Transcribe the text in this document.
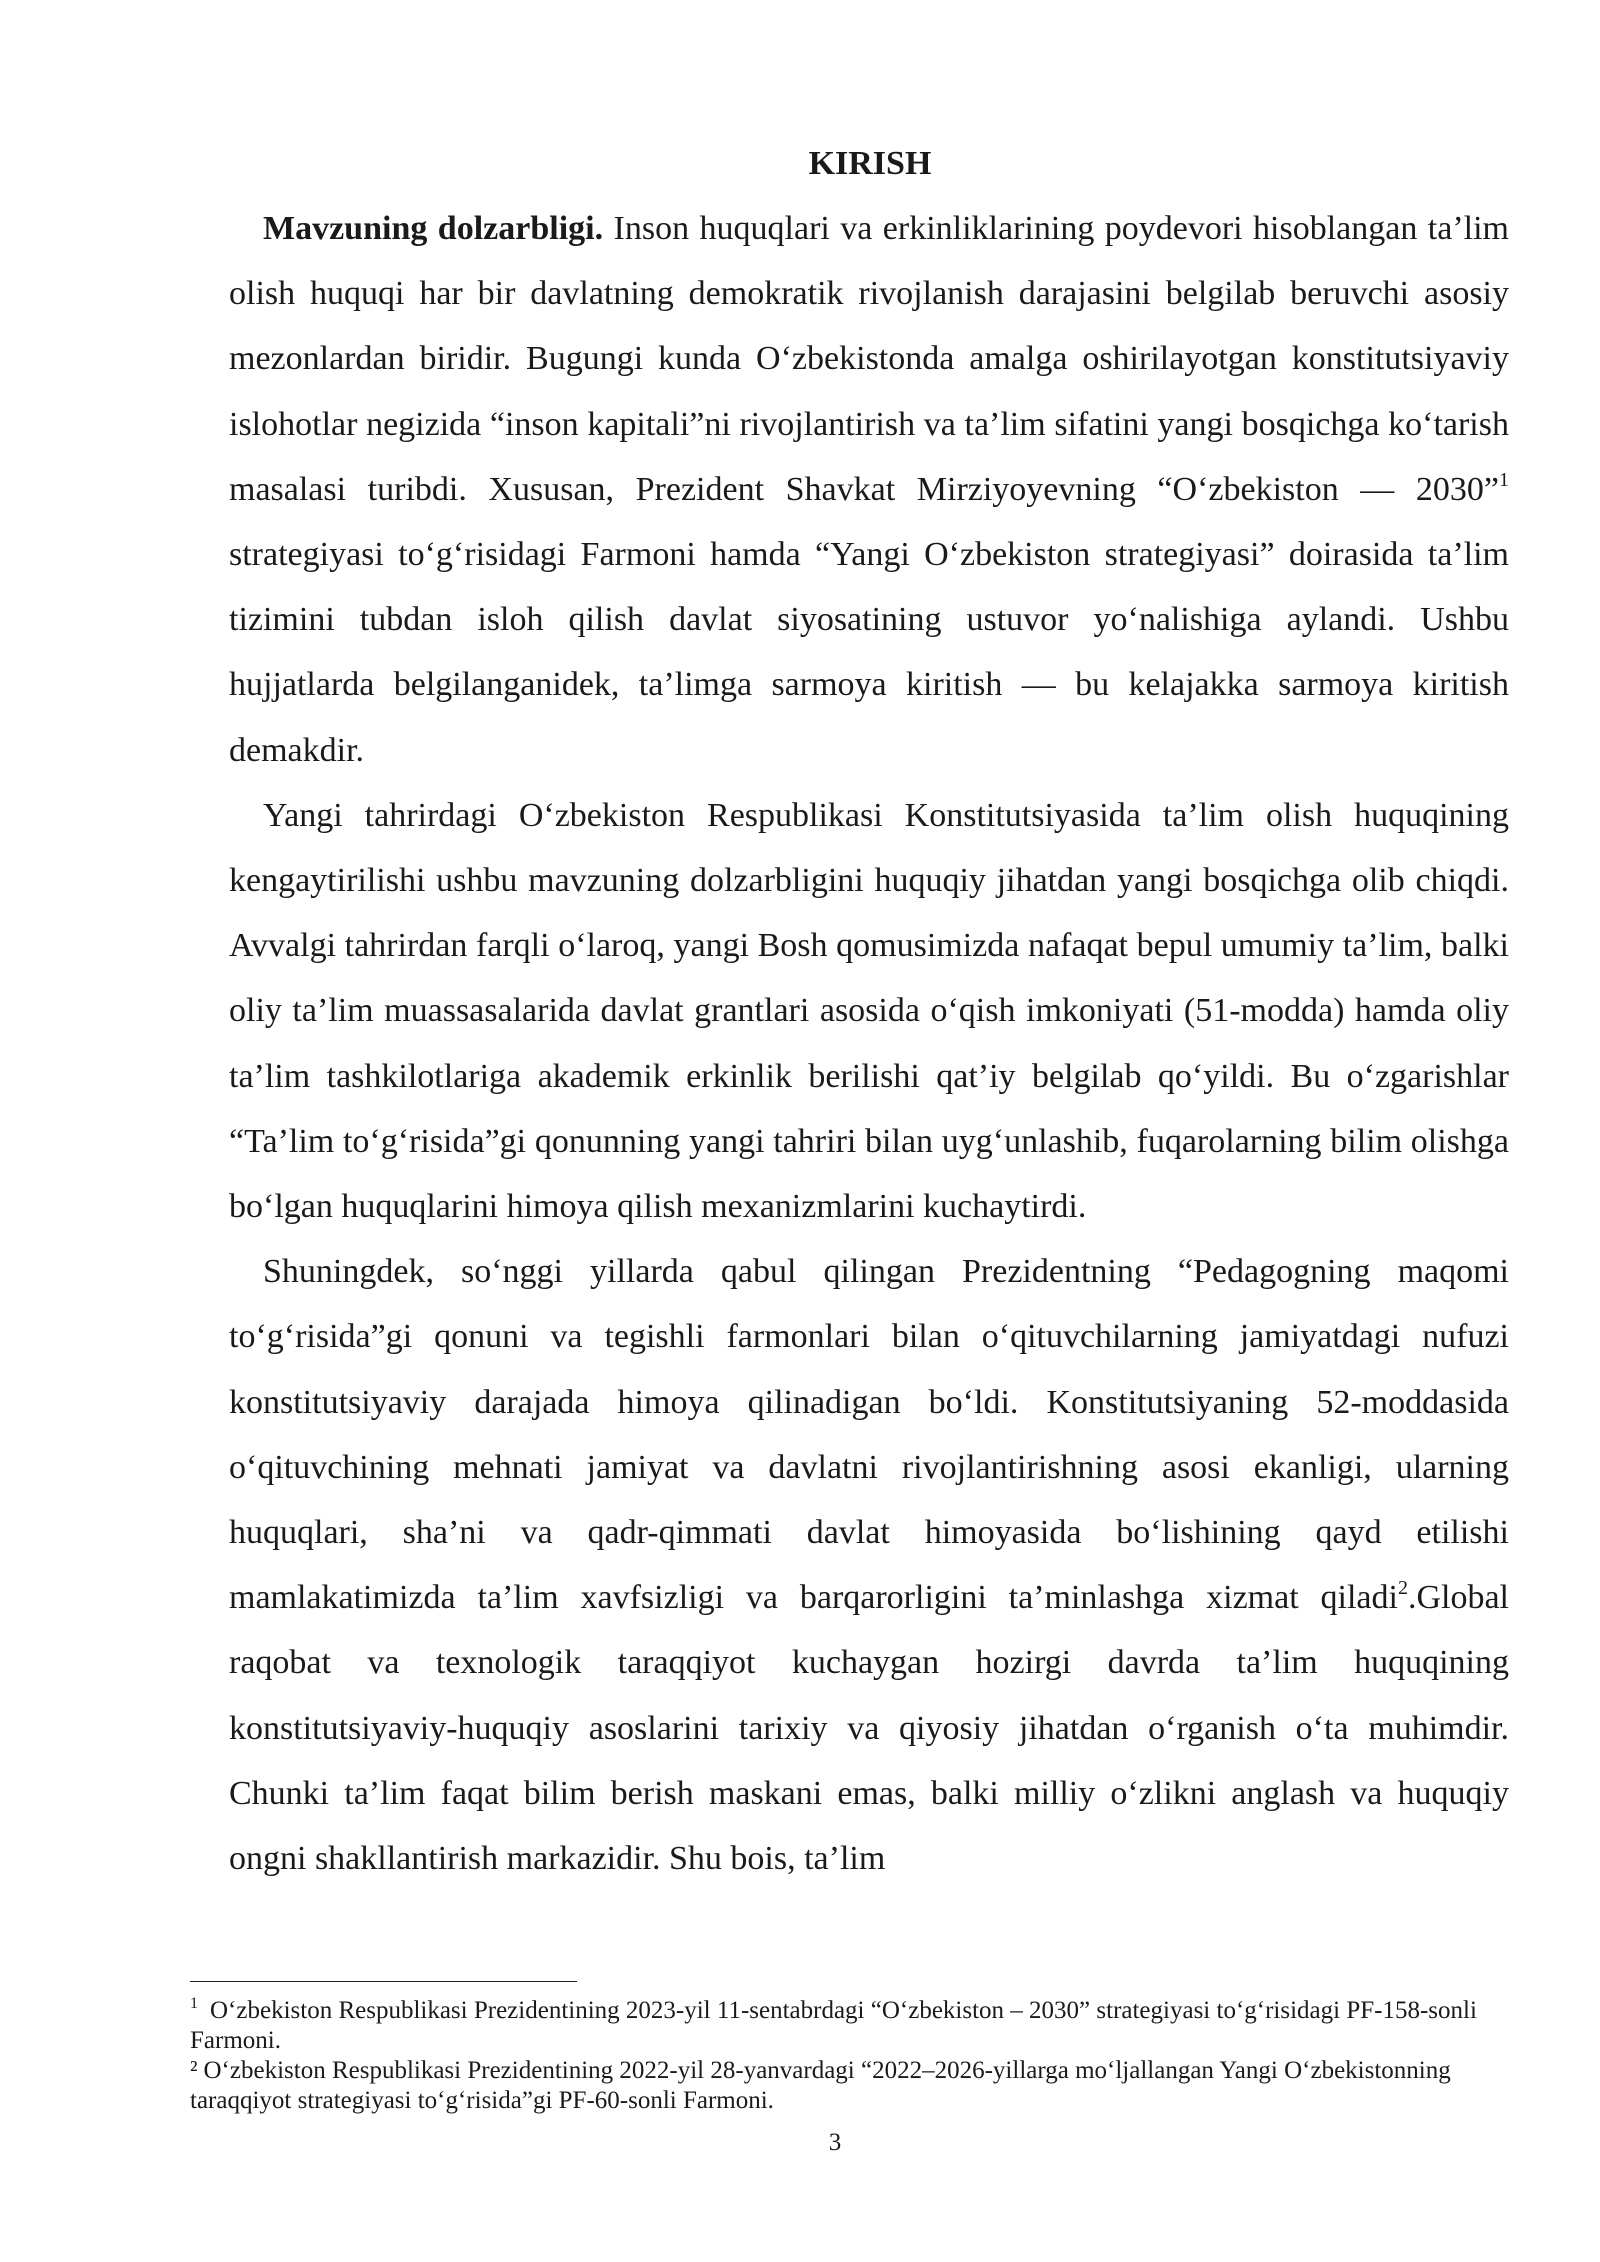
KIRISH

Mavzuning dolzarbligi. Inson huquqlari va erkinliklarining poydevori hisoblangan ta’lim olish huquqi har bir davlatning demokratik rivojlanish darajasini belgilab beruvchi asosiy mezonlardan biridir. Bugungi kunda O‘zbekistonda amalga oshirilayotgan konstitutsiyaviy islohotlar negizida “inson kapitali”ni rivojlantirish va ta’lim sifatini yangi bosqichga ko‘tarish masalasi turibdi. Xususan, Prezident Shavkat Mirziyoyevning “O‘zbekiston — 2030”$^1$ strategiyasi to‘g‘risidagi Farmoni hamda “Yangi O‘zbekiston strategiyasi” doirasida ta’lim tizimini tubdan isloh qilish davlat siyosatining ustuvor yo‘nalishiga aylandi. Ushbu hujjatlarda belgilanganidek, ta’limga sarmoya kiritish — bu kelajakka sarmoya kiritish demakdir.

Yangi tahrirdagi O‘zbekiston Respublikasi Konstitutsiyasida ta’lim olish huquqining kengaytirilishi ushbu mavzuning dolzarbligini huquqiy jihatdan yangi bosqichga olib chiqdi. Avvalgi tahrirdan farqli o‘laroq, yangi Bosh qomusimizda nafaqat bepul umumiy ta’lim, balki oliy ta’lim muassasalarida davlat grantlari asosida o‘qish imkoniyati (51-modda) hamda oliy ta’lim tashkilotlariga akademik erkinlik berilishi qat’iy belgilab qo‘yildi. Bu o‘zgarishlar “Ta’lim to‘g‘risida”gi qonunning yangi tahriri bilan uyg‘unlashib, fuqarolarning bilim olishga bo‘lgan huquqlarini himoya qilish mexanizmlarini kuchaytirdi.

Shuningdek, so‘nggi yillarda qabul qilingan Prezidentning “Pedagogning maqomi to‘g‘risida”gi qonuni va tegishli farmonlari bilan o‘qituvchilarning jamiyatdagi nufuzi konstitutsiyaviy darajada himoya qilinadigan bo‘ldi. Konstitutsiyaning 52-moddasida o‘qituvchining mehnati jamiyat va davlatni rivojlantirishning asosi ekanligi, ularning huquqlari, sha’ni va qadr-qimmati davlat himoyasida bo‘lishining qayd etilishi mamlakatimizda ta’lim xavfsizligi va barqarorligini ta’minlashga xizmat qiladi$^2$.Global raqobat va texnologik taraqqiyot kuchaygan hozirgi davrda ta’lim huquqining konstitutsiyaviy-huquqiy asoslarini tarixiy va qiyosiy jihatdan o‘rganish o‘ta muhimdir. Chunki ta’lim faqat bilim berish maskani emas, balki milliy o‘zlikni anglash va huquqiy ongni shakllantirish markazidir. Shu bois, ta’lim

$^1$ O‘zbekiston Respublikasi Prezidentining 2023-yil 11-sentabrdagi “O‘zbekiston – 2030” strategiyasi to‘g‘risidagi PF-158-sonli Farmoni.

² O‘zbekiston Respublikasi Prezidentining 2022-yil 28-yanvardagi “2022–2026-yillarga mo‘ljallangan Yangi O‘zbekistonning taraqqiyot strategiyasi to‘g‘risida”gi PF-60-sonli Farmoni.

3
